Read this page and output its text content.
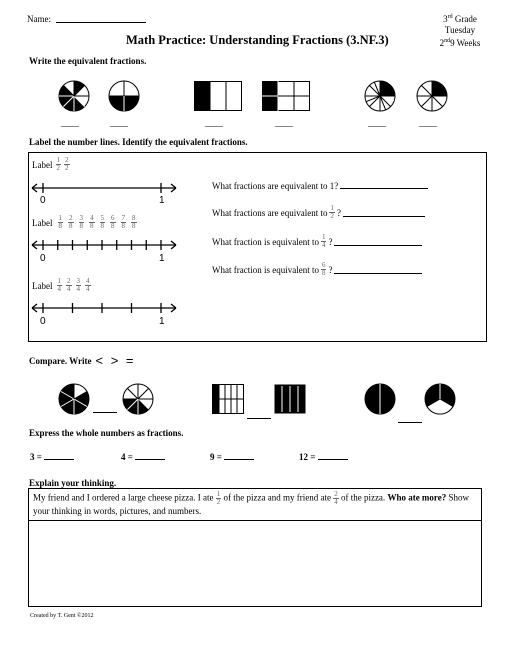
Name:
Math Practice: Understanding Fractions (3.NF.3)
3rd Grade
Tuesday
2nd9 Weeks
Write the equivalent fractions.
____	____	____	____	____	____
Label the number lines. Identify the equivalent fractions.
Label $\frac{1}{2} \frac{2}{2}$
0	1
Label $\frac{1}{8} \frac{2}{8} \frac{3}{8} \frac{4}{8} \frac{5}{8} \frac{6}{8} \frac{7}{8} \frac{8}{8}$
0	1
Label $\frac{1}{4} \frac{2}{4} \frac{3}{4} \frac{4}{4}$
0	1
What fractions are equivalent to 1?
What fractions are equivalent to $\frac{1}{2}$ ?
What fraction is equivalent to $\frac{1}{4}$ ?
What fraction is equivalent to $\frac{6}{8}$ ?
Compare. Write < > =
Express the whole numbers as fractions.
3 =	4 =	9 =	12 =
Explain your thinking.
My friend and I ordered a large cheese pizza. I ate $\frac{1}{2}$ of the pizza and my friend ate $\frac{2}{4}$ of the pizza. Who ate more? Show your thinking in words, pictures, and numbers.
Created by T. Gent ©2012
